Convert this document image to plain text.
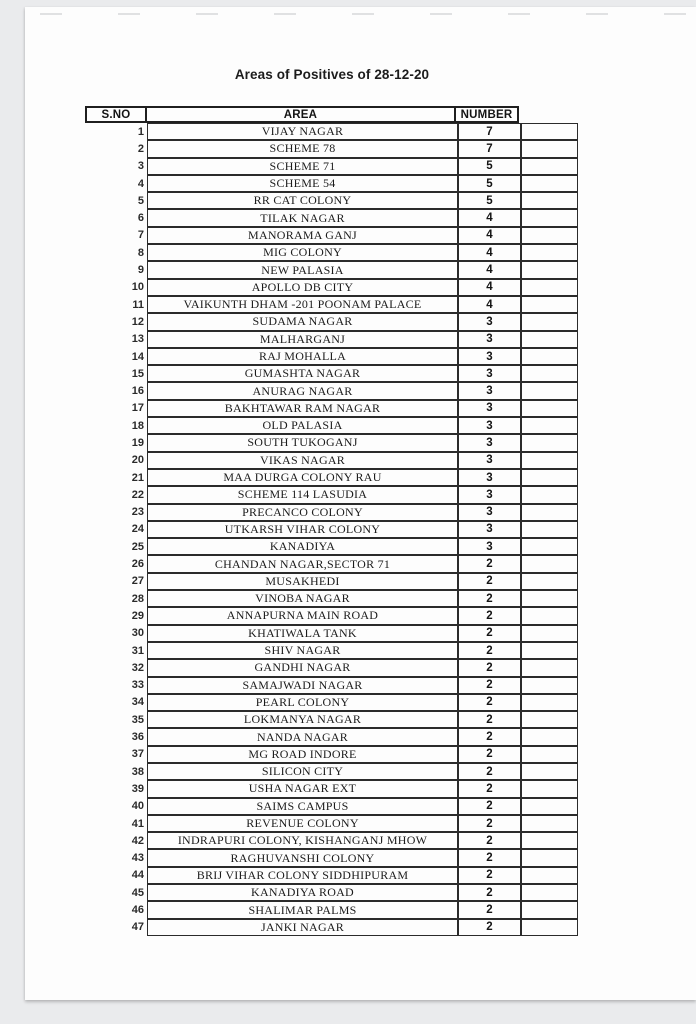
Areas of Positives of 28-12-20
S.NO	AREA	NUMBER
1	VIJAY NAGAR	7
2	SCHEME 78	7
3	SCHEME 71	5
4	SCHEME 54	5
5	RR CAT COLONY	5
6	TILAK NAGAR	4
7	MANORAMA GANJ	4
8	MIG COLONY	4
9	NEW PALASIA	4
10	APOLLO DB CITY	4
11	VAIKUNTH DHAM -201 POONAM PALACE	4
12	SUDAMA NAGAR	3
13	MALHARGANJ	3
14	RAJ MOHALLA	3
15	GUMASHTA NAGAR	3
16	ANURAG NAGAR	3
17	BAKHTAWAR RAM NAGAR	3
18	OLD PALASIA	3
19	SOUTH TUKOGANJ	3
20	VIKAS NAGAR	3
21	MAA DURGA COLONY RAU	3
22	SCHEME 114 LASUDIA	3
23	PRECANCO COLONY	3
24	UTKARSH VIHAR COLONY	3
25	KANADIYA	3
26	CHANDAN NAGAR,SECTOR 71	2
27	MUSAKHEDI	2
28	VINOBA NAGAR	2
29	ANNAPURNA MAIN ROAD	2
30	KHATIWALA TANK	2
31	SHIV NAGAR	2
32	GANDHI NAGAR	2
33	SAMAJWADI NAGAR	2
34	PEARL COLONY	2
35	LOKMANYA NAGAR	2
36	NANDA NAGAR	2
37	MG ROAD INDORE	2
38	SILICON CITY	2
39	USHA NAGAR EXT	2
40	SAIMS CAMPUS	2
41	REVENUE COLONY	2
42	INDRAPURI COLONY, KISHANGANJ MHOW	2
43	RAGHUVANSHI COLONY	2
44	BRIJ VIHAR COLONY SIDDHIPURAM	2
45	KANADIYA ROAD	2
46	SHALIMAR PALMS	2
47	JANKI NAGAR	2
